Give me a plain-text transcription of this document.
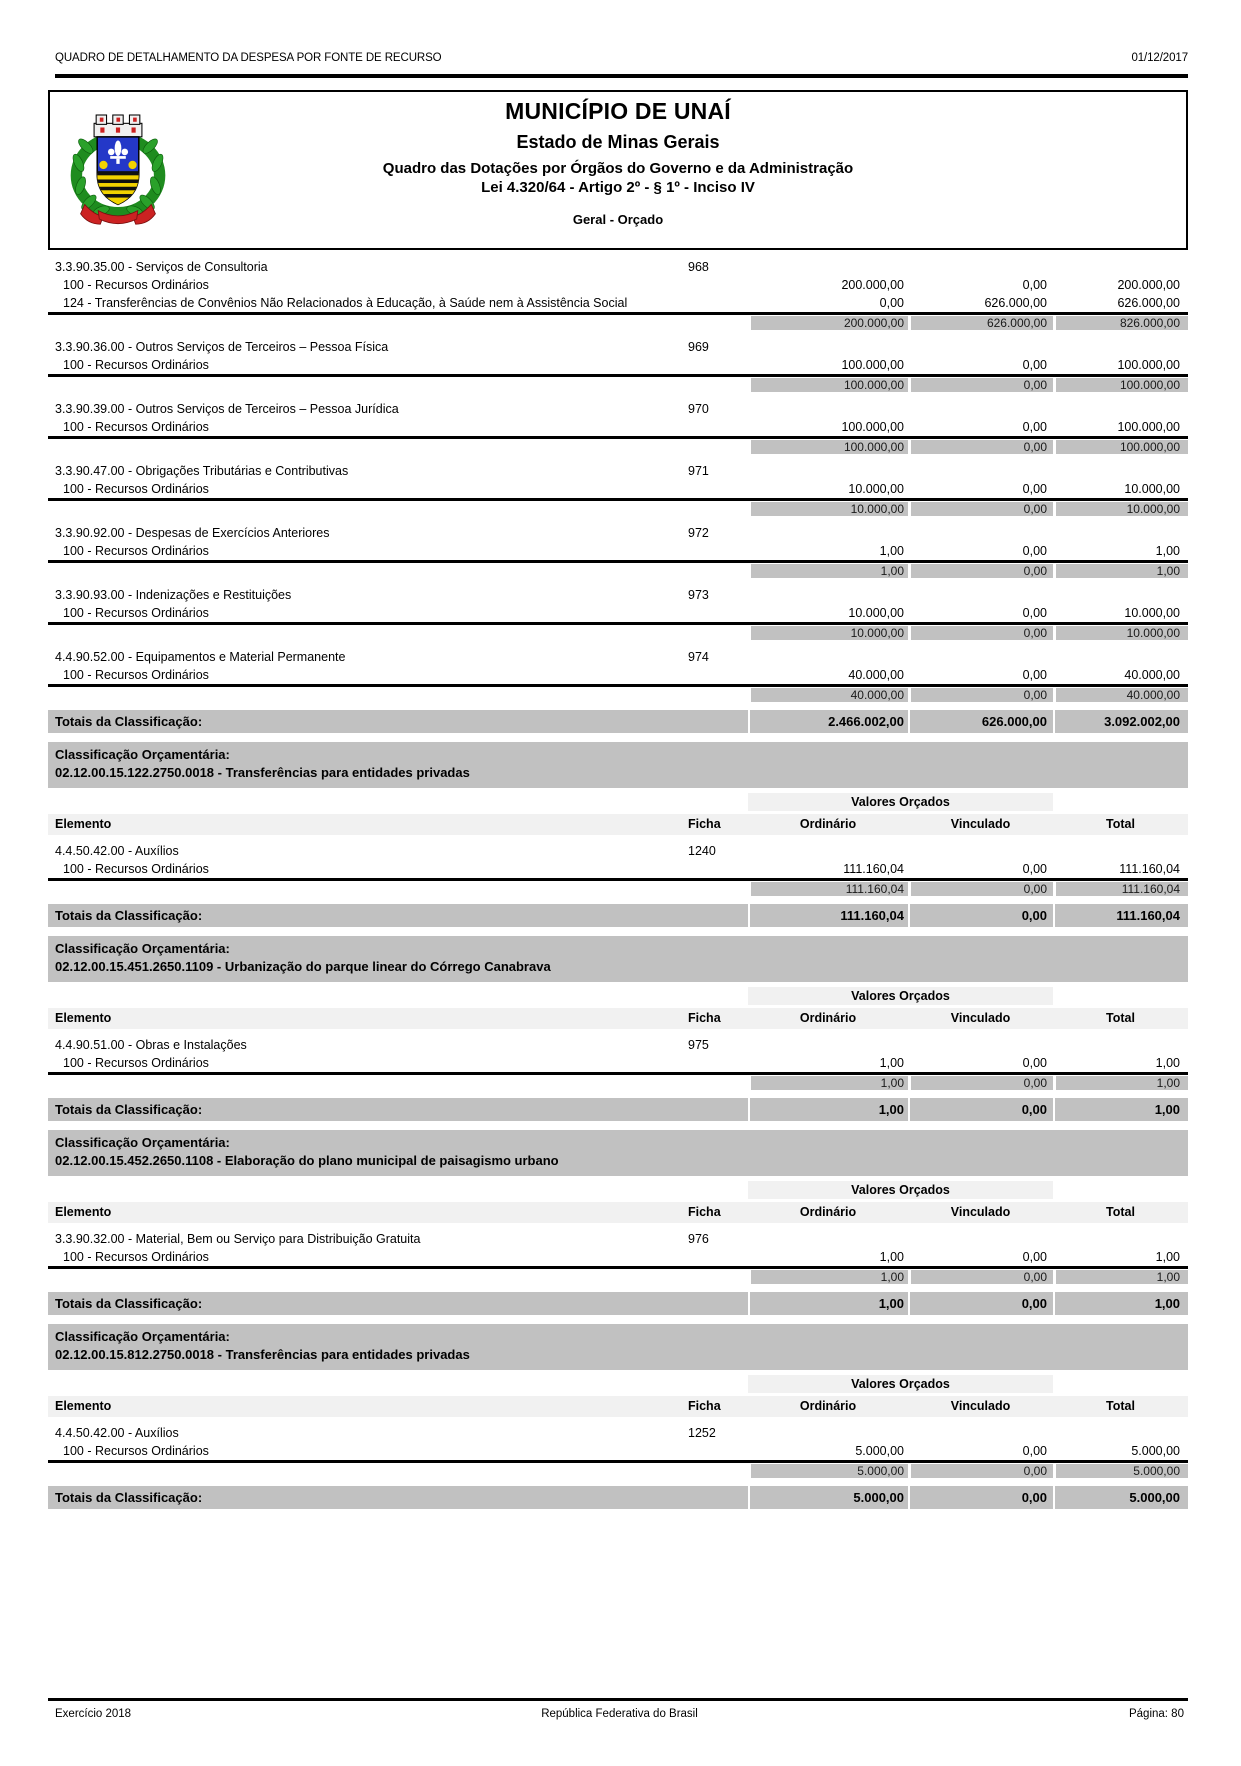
QUADRO DE DETALHAMENTO DA DESPESA POR FONTE DE RECURSO	01/12/2017
MUNICÍPIO DE UNAÍ
Estado de Minas Gerais
Quadro das Dotações por Órgãos do Governo e da Administração
Lei 4.320/64 - Artigo 2º - § 1º - Inciso IV
Geral - Orçado
3.3.90.35.00 - Serviços de Consultoria	968
100 - Recursos Ordinários	200.000,00	0,00	200.000,00
124 - Transferências de Convênios Não Relacionados à Educação, à Saúde nem à Assistência Social	0,00	626.000,00	626.000,00
200.000,00	626.000,00	826.000,00
3.3.90.36.00 - Outros Serviços de Terceiros – Pessoa Física	969
100 - Recursos Ordinários	100.000,00	0,00	100.000,00
100.000,00	0,00	100.000,00
3.3.90.39.00 - Outros Serviços de Terceiros – Pessoa Jurídica	970
100 - Recursos Ordinários	100.000,00	0,00	100.000,00
100.000,00	0,00	100.000,00
3.3.90.47.00 - Obrigações Tributárias e Contributivas	971
100 - Recursos Ordinários	10.000,00	0,00	10.000,00
10.000,00	0,00	10.000,00
3.3.90.92.00 - Despesas de Exercícios Anteriores	972
100 - Recursos Ordinários	1,00	0,00	1,00
1,00	0,00	1,00
3.3.90.93.00 - Indenizações e Restituições	973
100 - Recursos Ordinários	10.000,00	0,00	10.000,00
10.000,00	0,00	10.000,00
4.4.90.52.00 - Equipamentos e Material Permanente	974
100 - Recursos Ordinários	40.000,00	0,00	40.000,00
40.000,00	0,00	40.000,00
Totais da Classificação:	2.466.002,00	626.000,00	3.092.002,00
Classificação Orçamentária:
02.12.00.15.122.2750.0018 - Transferências para entidades privadas
Valores Orçados
Elemento	Ficha	Ordinário	Vinculado	Total
4.4.50.42.00 - Auxílios	1240
100 - Recursos Ordinários	111.160,04	0,00	111.160,04
111.160,04	0,00	111.160,04
Totais da Classificação:	111.160,04	0,00	111.160,04
Classificação Orçamentária:
02.12.00.15.451.2650.1109 - Urbanização do parque linear do Córrego Canabrava
Valores Orçados
Elemento	Ficha	Ordinário	Vinculado	Total
4.4.90.51.00 - Obras e Instalações	975
100 - Recursos Ordinários	1,00	0,00	1,00
1,00	0,00	1,00
Totais da Classificação:	1,00	0,00	1,00
Classificação Orçamentária:
02.12.00.15.452.2650.1108 - Elaboração do plano municipal de paisagismo urbano
Valores Orçados
Elemento	Ficha	Ordinário	Vinculado	Total
3.3.90.32.00 - Material, Bem ou Serviço para Distribuição Gratuita	976
100 - Recursos Ordinários	1,00	0,00	1,00
1,00	0,00	1,00
Totais da Classificação:	1,00	0,00	1,00
Classificação Orçamentária:
02.12.00.15.812.2750.0018 - Transferências para entidades privadas
Valores Orçados
Elemento	Ficha	Ordinário	Vinculado	Total
4.4.50.42.00 - Auxílios	1252
100 - Recursos Ordinários	5.000,00	0,00	5.000,00
5.000,00	0,00	5.000,00
Totais da Classificação:	5.000,00	0,00	5.000,00
Exercício 2018	República Federativa do Brasil	Página: 80
